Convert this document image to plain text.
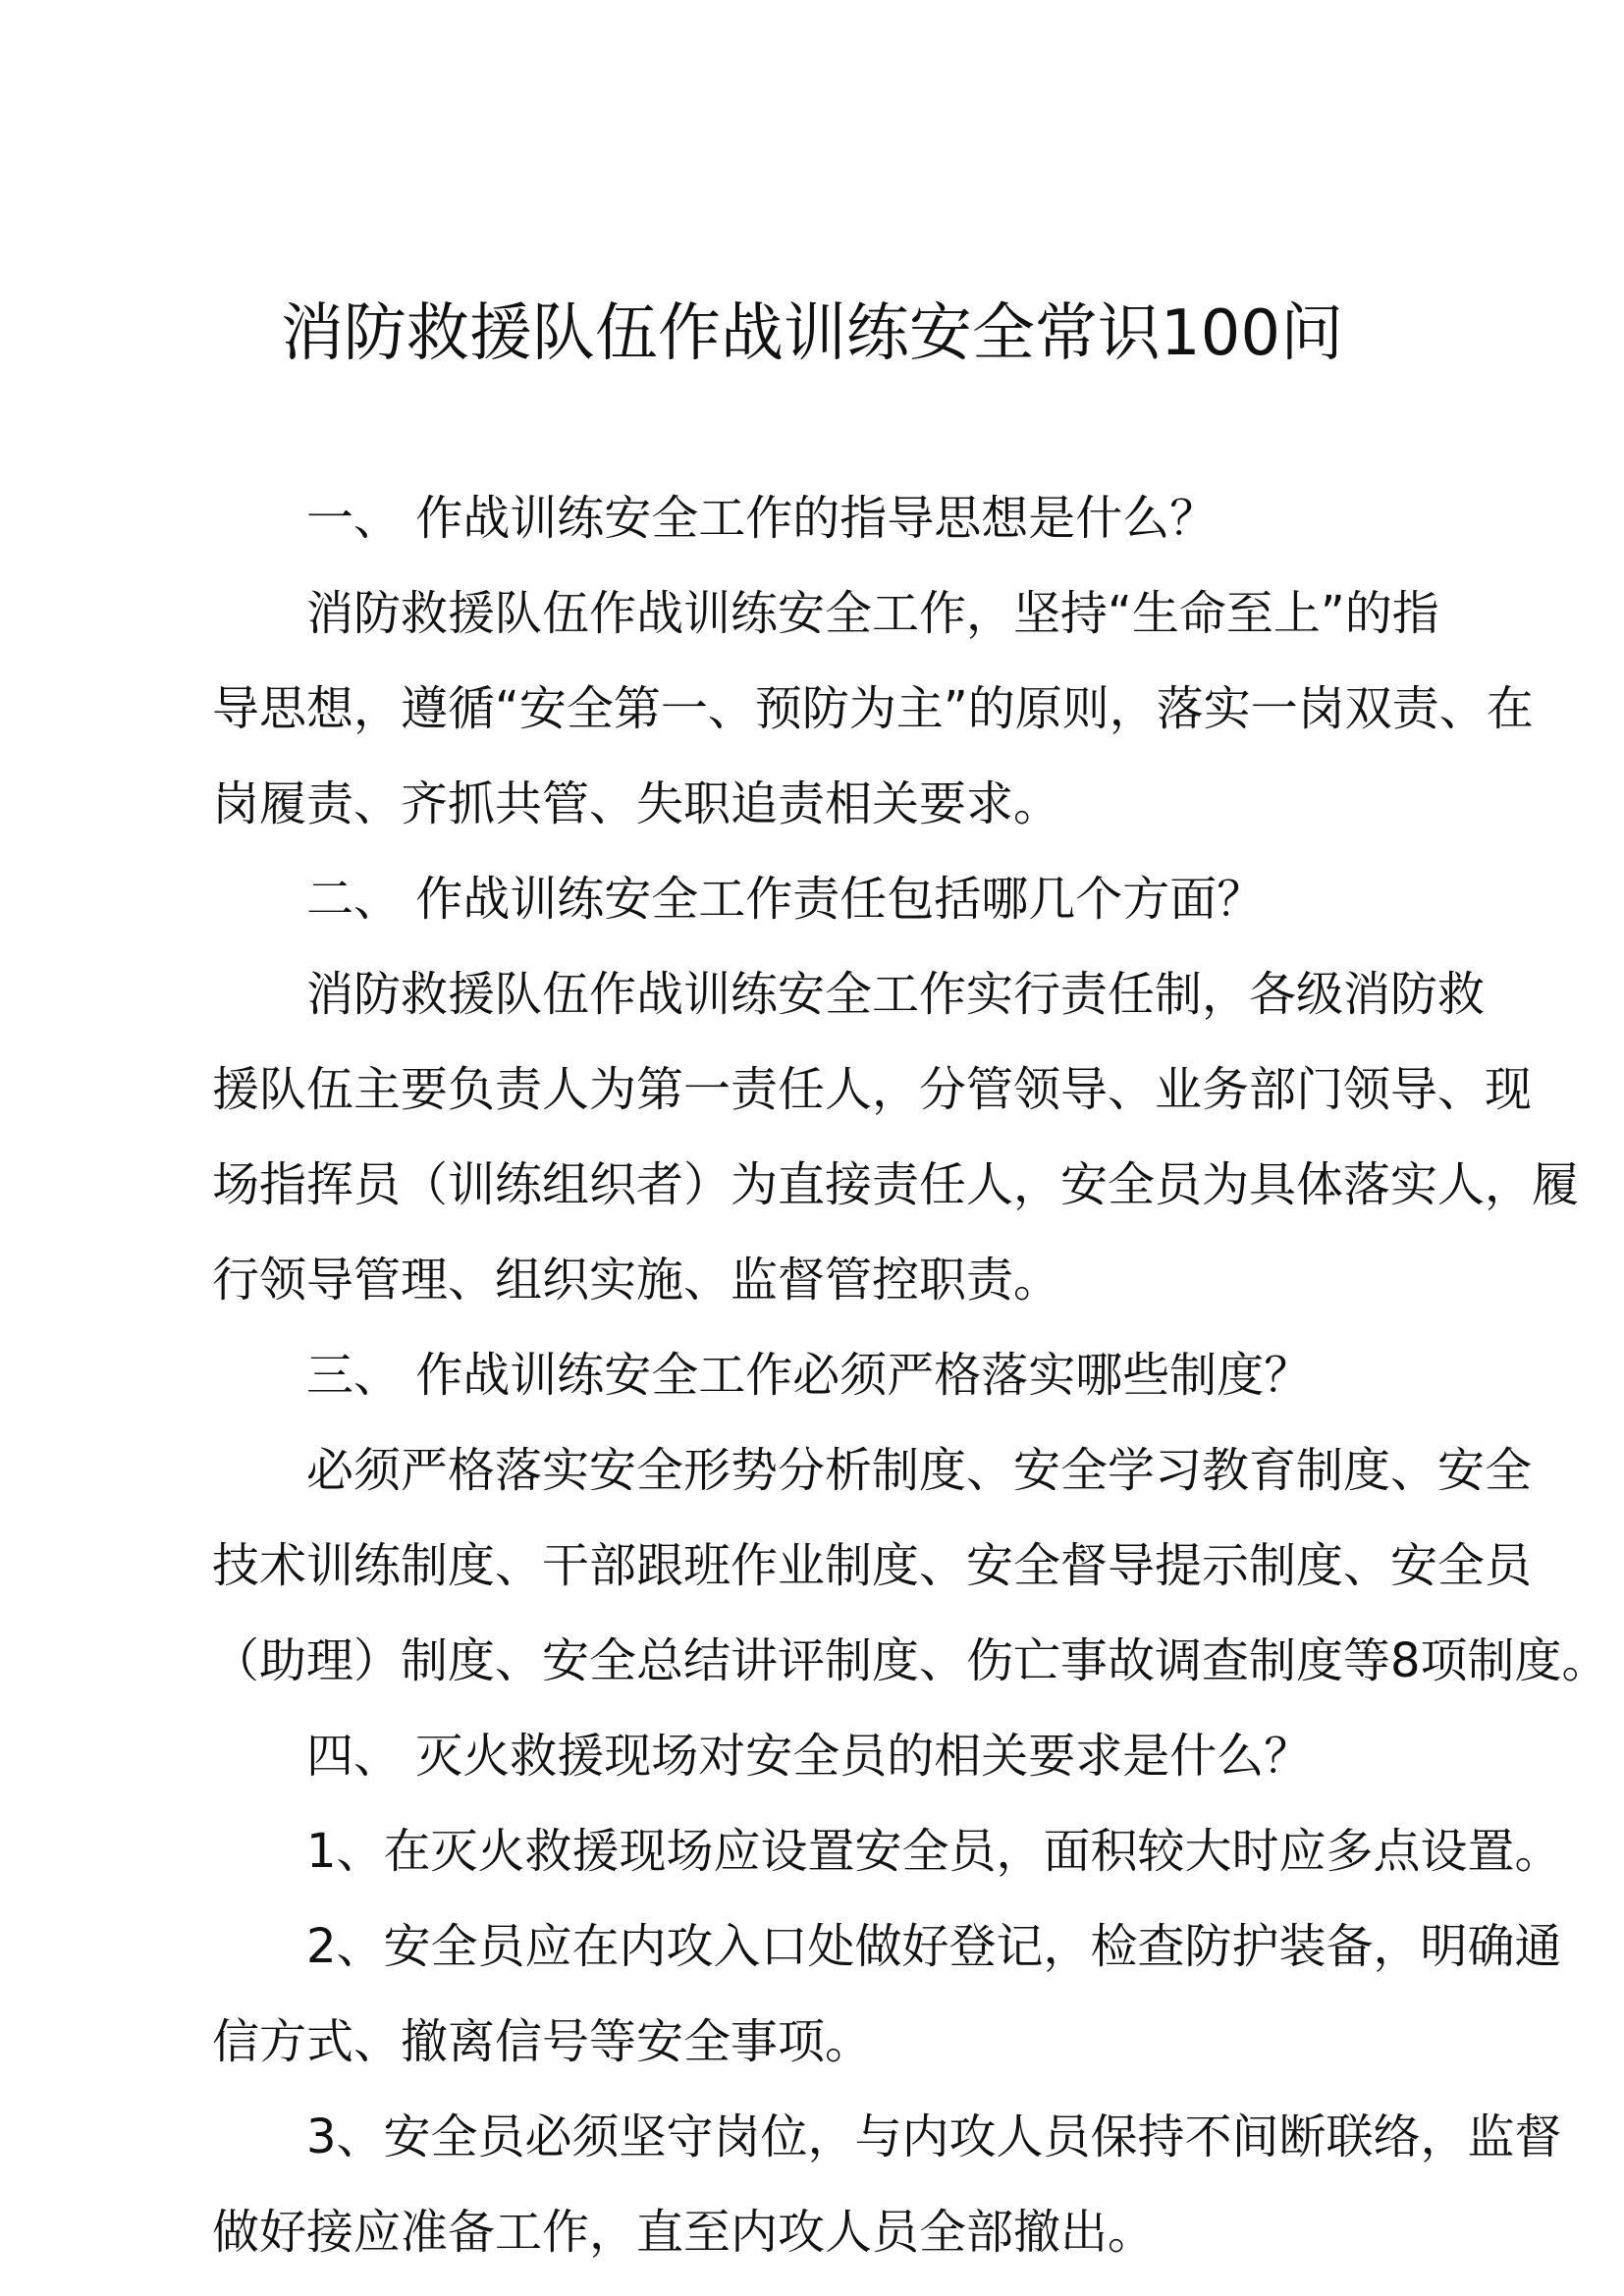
消防救援队伍作战训练安全常识100问
一、 作战训练安全工作的指导思想是什么？
消防救援队伍作战训练安全工作，坚持“生命至上”的指
导思想，遵循“安全第一、预防为主”的原则，落实一岗双责、在
岗履责、齐抓共管、失职追责相关要求。
二、 作战训练安全工作责任包括哪几个方面？
消防救援队伍作战训练安全工作实行责任制，各级消防救
援队伍主要负责人为第一责任人，分管领导、业务部门领导、现
场指挥员（训练组织者）为直接责任人，安全员为具体落实人，履
行领导管理、组织实施、监督管控职责。
三、 作战训练安全工作必须严格落实哪些制度？
必须严格落实安全形势分析制度、安全学习教育制度、安全
技术训练制度、干部跟班作业制度、安全督导提示制度、安全员
（助理）制度、安全总结讲评制度、伤亡事故调查制度等8项制度。
四、 灭火救援现场对安全员的相关要求是什么？
1、在灭火救援现场应设置安全员，面积较大时应多点设置。
2、安全员应在内攻入口处做好登记，检查防护装备，明确通
信方式、撤离信号等安全事项。
3、安全员必须坚守岗位，与内攻人员保持不间断联络，监督
做好接应准备工作，直至内攻人员全部撤出。
